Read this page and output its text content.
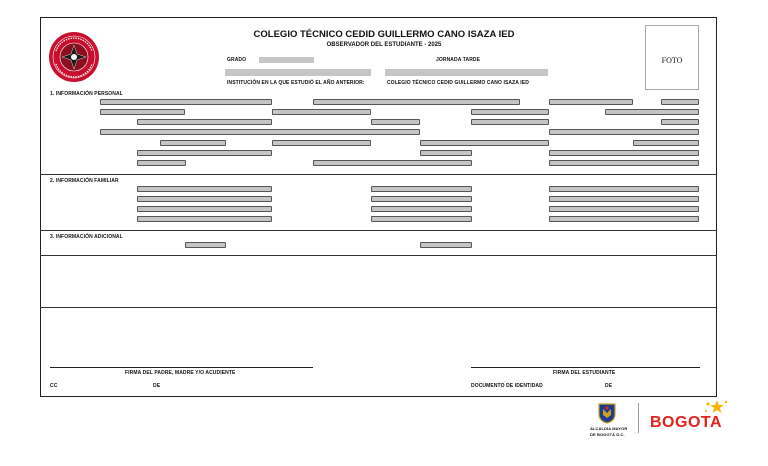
COLEGIO TÉCNICO CEDID GUILLERMO CANO ISAZA IED
OBSERVADOR DEL ESTUDIANTE - 2025
GRADO	JORNADA TARDE
INSTITUCIÓN EN LA QUE ESTUDIÓ EL AÑO ANTERIOR:	COLEGIO TÉCNICO CEDID GUILLERMO CANO ISAZA IED
FOTO
1. INFORMACIÓN PERSONAL
2. INFORMACIÓN FAMILIAR
3. INFORMACIÓN ADICIONAL
FIRMA DEL PADRE, MADRE Y/O ACUDIENTE	FIRMA DEL ESTUDIANTE
CC	DE	DOCUMENTO DE IDENTIDAD	DE
ALCALDÍA MAYOR
DE BOGOTÁ D.C.
BOGOTA
